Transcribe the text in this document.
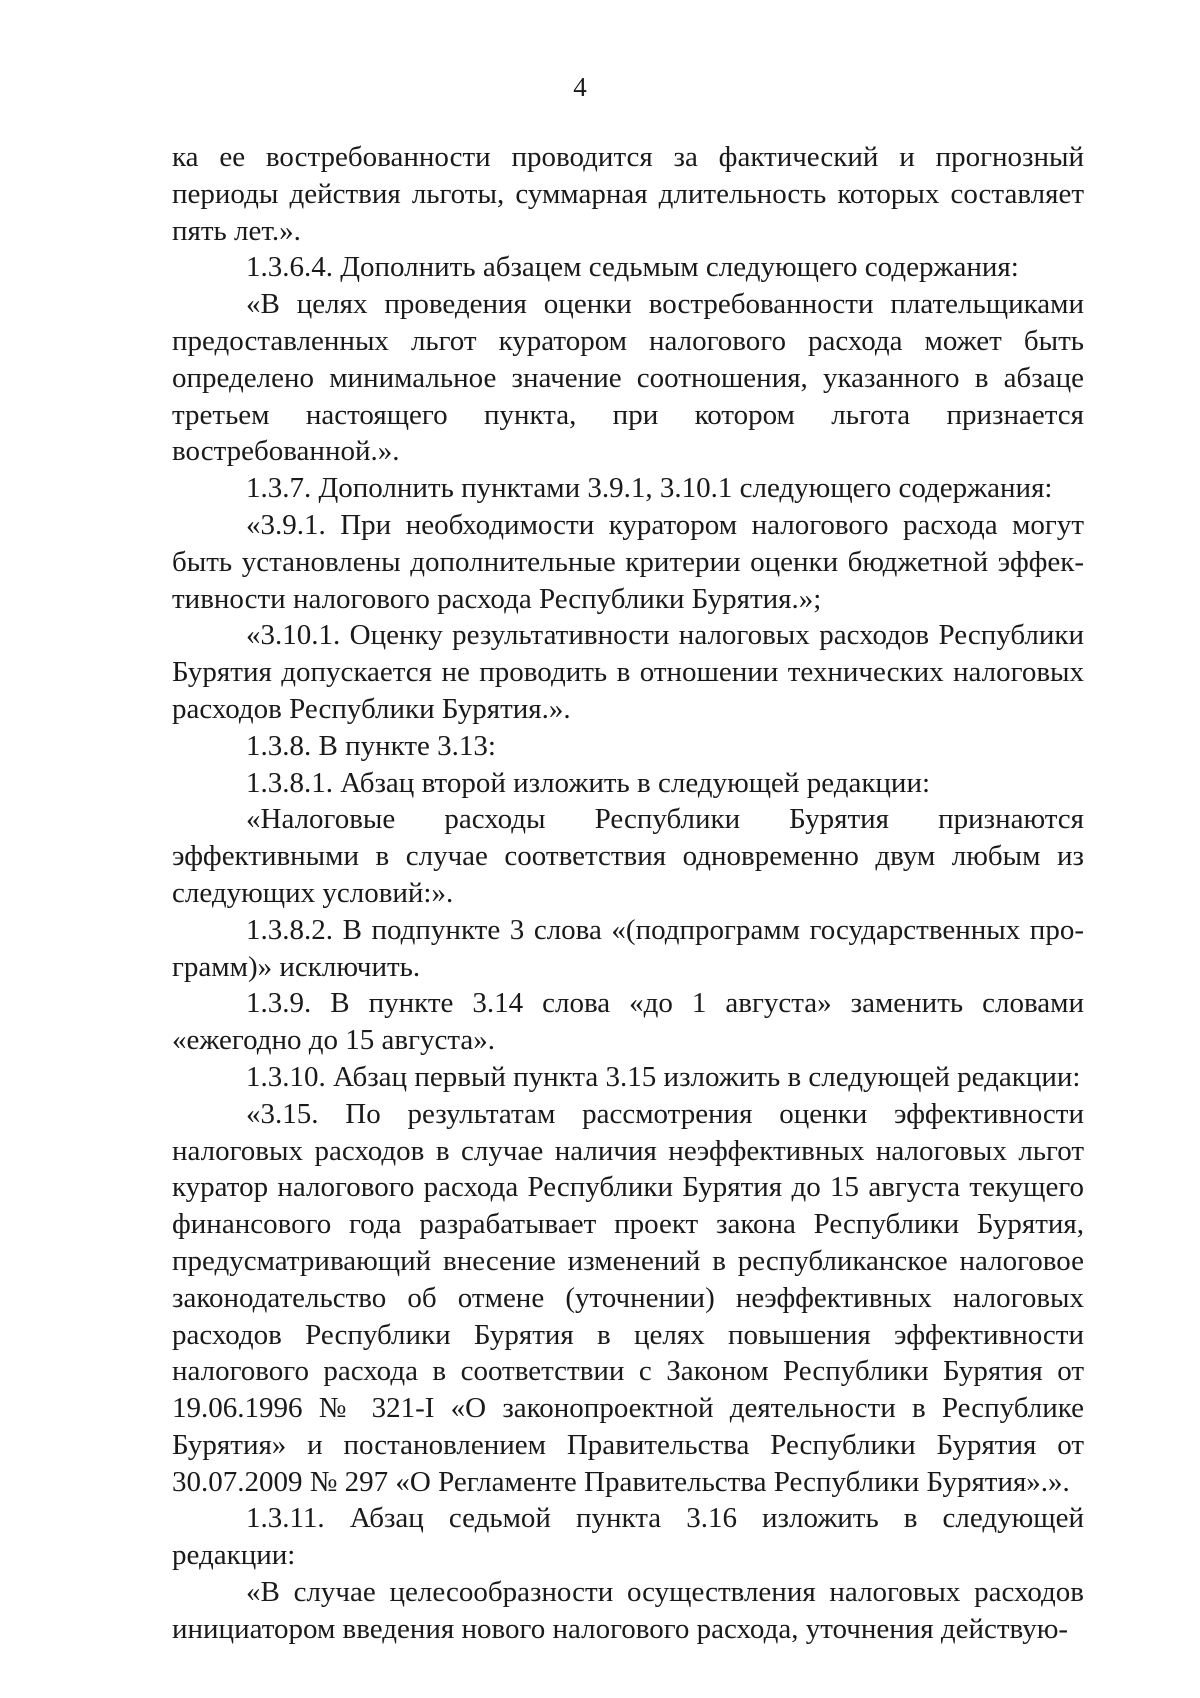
4

ка ее востребованности проводится за фактический и прогнозный периоды действия льготы, суммарная длительность которых составляет пять лет.».

1.3.6.4. Дополнить абзацем седьмым следующего содержания:

«В целях проведения оценки востребованности плательщиками предоставленных льгот куратором налогового расхода может быть определено минимальное значение соотношения, указанного в абзаце третьем настоящего пункта, при котором льгота признается востребованной.».

1.3.7. Дополнить пунктами 3.9.1, 3.10.1 следующего содержания:

«3.9.1. При необходимости куратором налогового расхода могут быть установлены дополнительные критерии оценки бюджетной эффективности налогового расхода Республики Бурятия.»;

«3.10.1. Оценку результативности налоговых расходов Республики Бурятия допускается не проводить в отношении технических налоговых расходов Республики Бурятия.».

1.3.8. В пункте 3.13:

1.3.8.1. Абзац второй изложить в следующей редакции:

«Налоговые расходы Республики Бурятия признаются эффективными в случае соответствия одновременно двум любым из следующих условий:».

1.3.8.2. В подпункте 3 слова «(подпрограмм государственных программ)» исключить.

1.3.9. В пункте 3.14 слова «до 1 августа» заменить словами «ежегодно до 15 августа».

1.3.10. Абзац первый пункта 3.15 изложить в следующей редакции:

«3.15. По результатам рассмотрения оценки эффективности налоговых расходов в случае наличия неэффективных налоговых льгот куратор налогового расхода Республики Бурятия до 15 августа текущего финансового года разрабатывает проект закона Республики Бурятия, предусматривающий внесение изменений в республиканское налоговое законодательство об отмене (уточнении) неэффективных налоговых расходов Республики Бурятия в целях повышения эффективности налогового расхода в соответствии с Законом Республики Бурятия от 19.06.1996 № 321-I «О законопроектной деятельности в Республике Бурятия» и постановлением Правительства Республики Бурятия от 30.07.2009 № 297 «О Регламенте Правительства Республики Бурятия».».

1.3.11. Абзац седьмой пункта 3.16 изложить в следующей редакции:

«В случае целесообразности осуществления налоговых расходов инициатором введения нового налогового расхода, уточнения действую-
